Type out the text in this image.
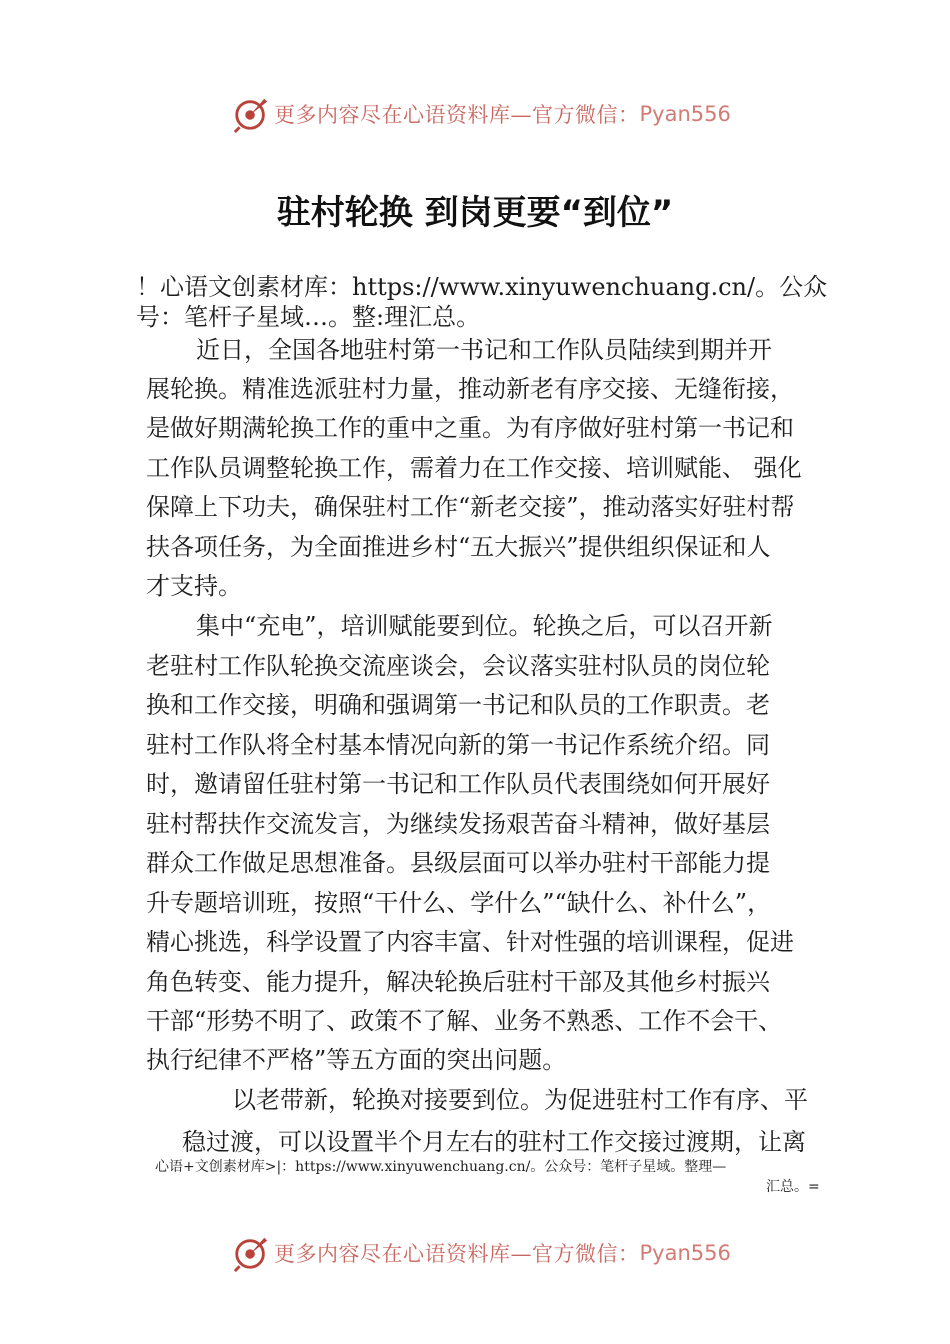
更多内容尽在心语资料库—官方微信： Pyan556
驻村轮换 到岗更要“到位”
！心语文创素材库：https://www.xinyuwenchuang.cn/。公众
号：笔杆子星域…。整:理汇总。
近日，全国各地驻村第一书记和工作队员陆续到期并开
展轮换。精准选派驻村力量，推动新老有序交接、无缝衔接，
是做好期满轮换工作的重中之重。为有序做好驻村第一书记和
工作队员调整轮换工作，需着力在工作交接、培训赋能、 强化
保障上下功夫，确保驻村工作“新老交接”，推动落实好驻村帮
扶各项任务，为全面推进乡村“五大振兴”提供组织保证和人
才支持。
集中“充电”，培训赋能要到位。轮换之后，可以召开新
老驻村工作队轮换交流座谈会，会议落实驻村队员的岗位轮
换和工作交接，明确和强调第一书记和队员的工作职责。老
驻村工作队将全村基本情况向新的第一书记作系统介绍。同
时，邀请留任驻村第一书记和工作队员代表围绕如何开展好
驻村帮扶作交流发言，为继续发扬艰苦奋斗精神，做好基层
群众工作做足思想准备。县级层面可以举办驻村干部能力提
升专题培训班，按照“干什么、学什么”“缺什么、补什么”，
精心挑选，科学设置了内容丰富、针对性强的培训课程，促进
角色转变、能力提升，解决轮换后驻村干部及其他乡村振兴
干部“形势不明了、政策不了解、业务不熟悉、工作不会干、
执行纪律不严格”等五方面的突出问题。
以老带新，轮换对接要到位。为促进驻村工作有序、平
稳过渡，可以设置半个月左右的驻村工作交接过渡期，让离
心语+文创素材库>|：https://www.xinyuwenchuang.cn/。公众号：笔杆子星域。整理—
汇总。=
更多内容尽在心语资料库—官方微信： Pyan556
